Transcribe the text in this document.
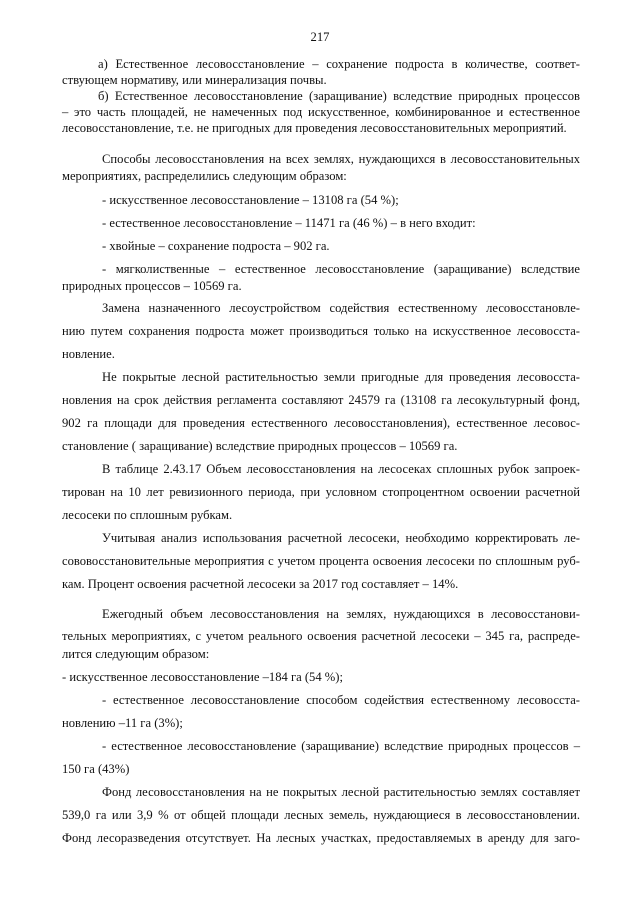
217
а) Естественное лесовосстановление – сохранение подроста в количестве, соответ-
ствующем нормативу, или минерализация почвы.
б) Естественное лесовосстановление (заращивание) вследствие природных процессов
– это часть площадей, не намеченных под искусственное, комбинированное и естественное
лесовосстановление, т.е. не пригодных для проведения лесовосстановительных мероприятий.
Способы лесовосстановления на всех землях, нуждающихся в лесовосстановительных
мероприятиях, распределились следующим образом:
- искусственное лесовосстановление – 13108 га (54 %);
- естественное лесовосстановление – 11471 га (46 %) – в него входит:
- хвойные – сохранение подроста – 902 га.
- мягколиственные – естественное лесовосстановление (заращивание) вследствие
природных процессов – 10569 га.
Замена назначенного лесоустройством содействия естественному лесовосстановле-
нию путем сохранения подроста может производиться только на искусственное лесовосста-
новление.
Не покрытые лесной растительностью земли пригодные для проведения лесовосста-
новления на срок действия регламента составляют 24579 га (13108 га лесокультурный фонд,
902 га площади для проведения естественного лесовосстановления), естественное лесовос-
становление ( заращивание) вследствие природных процессов – 10569 га.
В таблице 2.43.17 Объем лесовосстановления на лесосеках сплошных рубок запроек-
тирован на 10 лет ревизионного периода, при условном стопроцентном освоении расчетной
лесосеки по сплошным рубкам.
Учитывая анализ использования расчетной лесосеки, необходимо корректировать ле-
сововосстановительные мероприятия с учетом процента освоения лесосеки по сплошным руб-
кам. Процент освоения расчетной лесосеки за 2017 год составляет – 14%.
Ежегодный объем лесовосстановления на землях, нуждающихся в лесовосстанови-
тельных мероприятиях, с учетом реального освоения расчетной лесосеки – 345 га, распреде-
лится следующим образом:
- искусственное лесовосстановление –184 га (54 %);
- естественное лесовосстановление способом содействия естественному лесовосста-
новлению –11 га (3%);
- естественное лесовосстановление (заращивание) вследствие природных процессов –
150 га (43%)
Фонд лесовосстановления на не покрытых лесной растительностью землях составляет
539,0 га или 3,9 % от общей площади лесных земель, нуждающиеся в лесовосстановлении.
Фонд лесоразведения отсутствует. На лесных участках, предоставляемых в аренду для заго-
